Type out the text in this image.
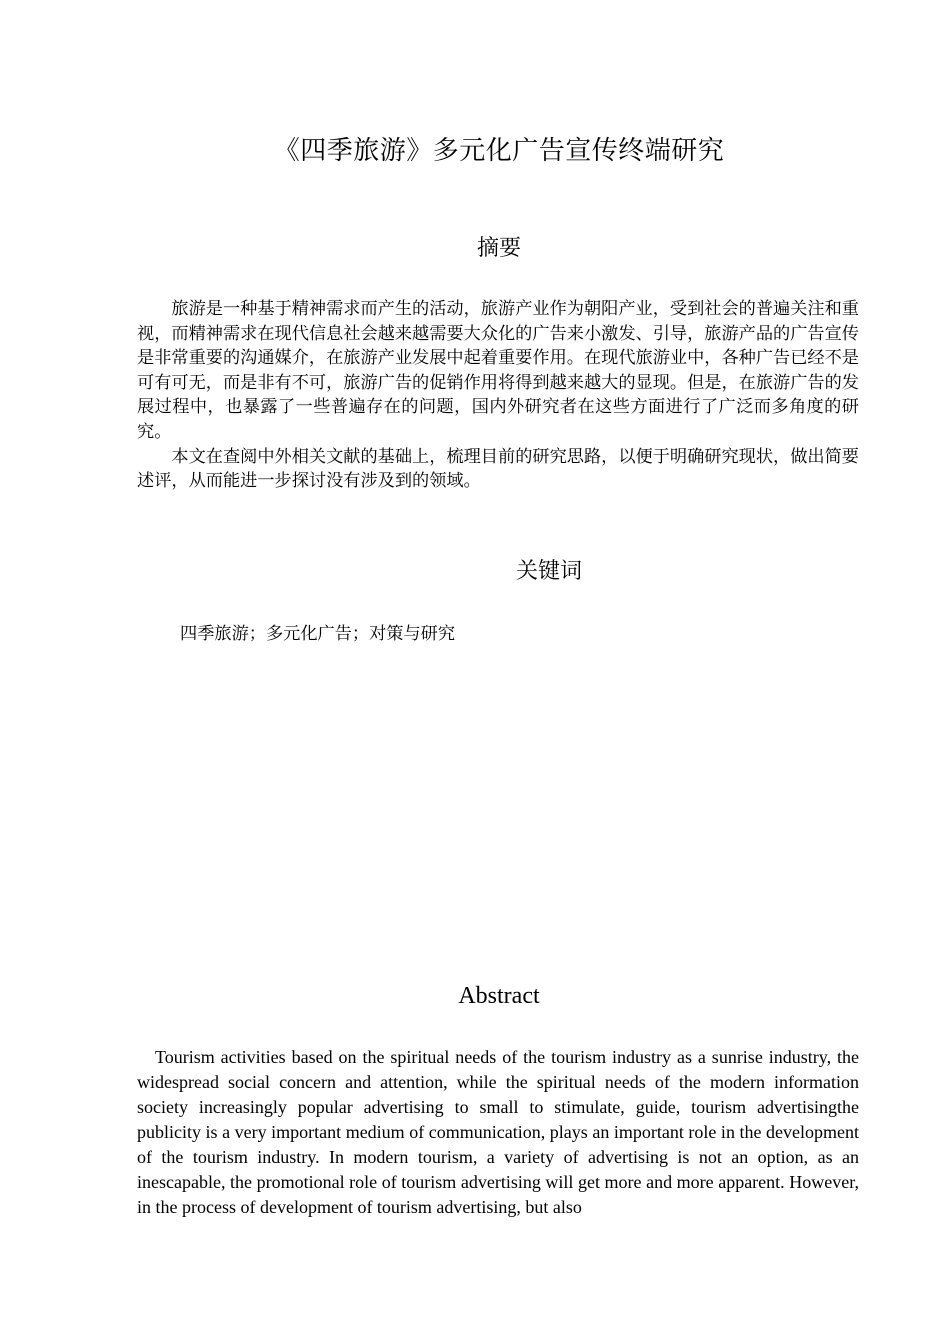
《四季旅游》多元化广告宣传终端研究
摘要

旅游是一种基于精神需求而产生的活动，旅游产业作为朝阳产业，受到社会的普遍关注和重视，而精神需求在现代信息社会越来越需要大众化的广告来小激发、引导，旅游产品的广告宣传是非常重要的沟通媒介，在旅游产业发展中起着重要作用。在现代旅游业中，各种广告已经不是可有可无，而是非有不可，旅游广告的促销作用将得到越来越大的显现。但是，在旅游广告的发展过程中，也暴露了一些普遍存在的问题，国内外研究者在这些方面进行了广泛而多角度的研究。

本文在查阅中外相关文献的基础上，梳理目前的研究思路，以便于明确研究现状，做出简要述评，从而能进一步探讨没有涉及到的领域。

关键词
四季旅游；多元化广告；对策与研究
Abstract

Tourism activities based on the spiritual needs of the tourism industry as a sunrise industry, the widespread social concern and attention, while the spiritual needs of the modern information society increasingly popular advertising to small to stimulate, guide, tourism advertisingthe publicity is a very important medium of communication, plays an important role in the development of the tourism industry. In modern tourism, a variety of advertising is not an option, as an inescapable, the promotional role of tourism advertising will get more and more apparent. However, in the process of development of tourism advertising, but also
